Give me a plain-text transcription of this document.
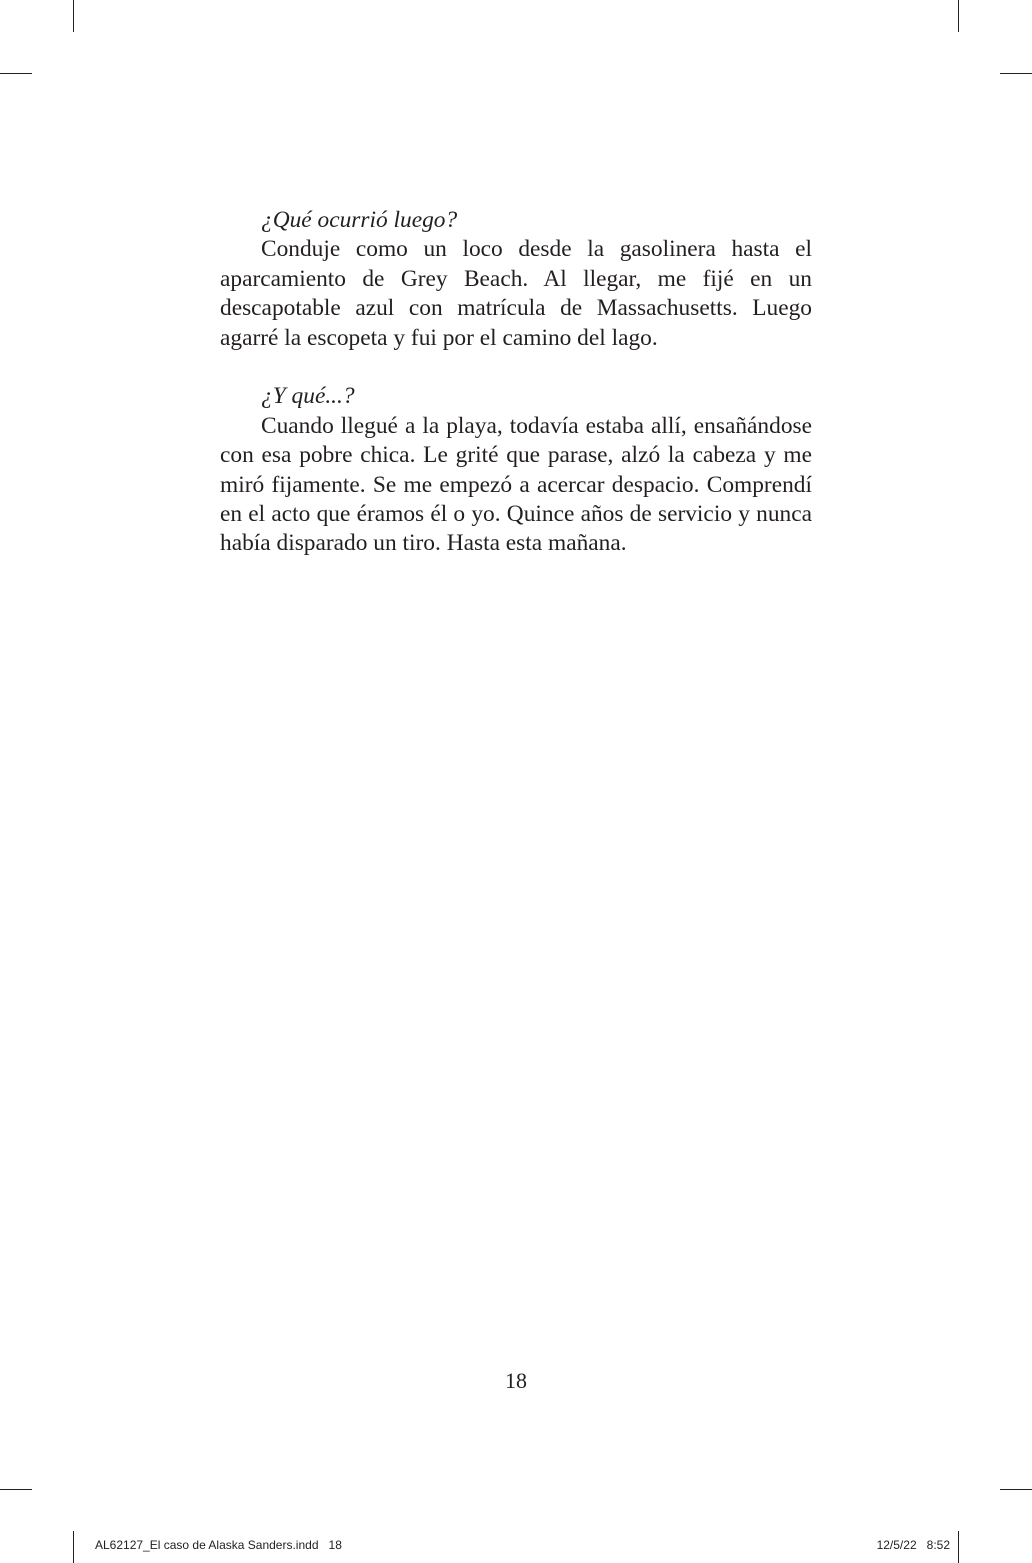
¿Qué ocurrió luego?

Conduje como un loco desde la gasolinera hasta el aparcamiento de Grey Beach. Al llegar, me fijé en un descapotable azul con matrícula de Massachusetts. Luego agarré la escopeta y fui por el camino del lago.

¿Y qué...?

Cuando llegué a la playa, todavía estaba allí, ensañándose con esa pobre chica. Le grité que parase, alzó la cabeza y me miró fijamente. Se me empezó a acercar despacio. Comprendí en el acto que éramos él o yo. Quince años de servicio y nunca había disparado un tiro. Hasta esta mañana.

18
AL62127_El caso de Alaska Sanders.indd 18	12/5/22 8:52
